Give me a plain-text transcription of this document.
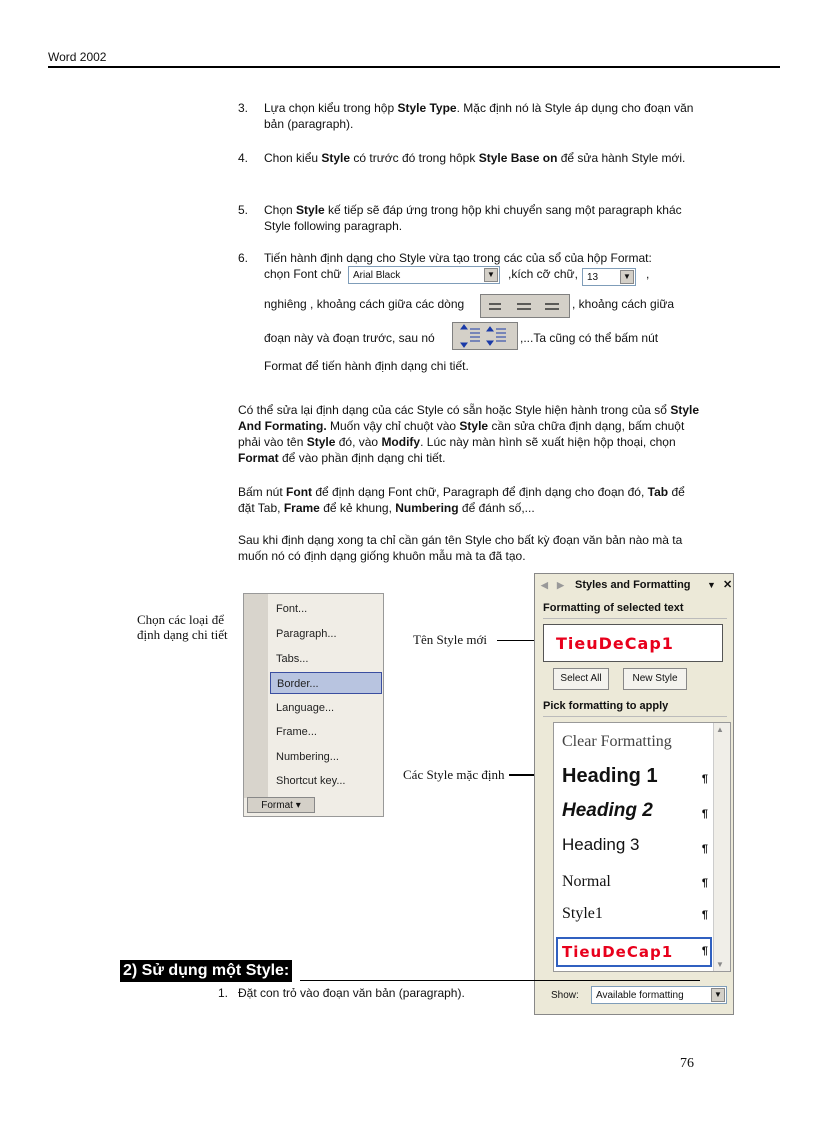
Word 2002
3. Lựa chọn kiểu trong hộp Style Type. Mặc định nó là Style áp dụng cho đoạn văn bản (paragraph).
4. Chon kiểu Style có trước đó trong hôpk Style Base on để sửa hành Style mới.
5. Chọn Style kế tiếp sẽ đáp ứng trong hộp khi chuyển sang một paragraph khác Style following paragraph.
6. Tiến hành định dạng cho Style vừa tạo trong các của sổ của hộp Format:
chọn Font chữ	Arial Black	▼ ,kích cỡ chữ, 13	▼ ,
nghiêng , khoảng cách giữa các dòng	, khoảng cách giữa
đoạn này và đoạn trước, sau nó	,...Ta cũng có thể bấm nút
Format để tiến hành định dạng chi tiết.
Có thể sửa lại định dạng của các Style có sẵn hoặc Style hiện hành trong của sổ Style And Formating. Muốn vậy chỉ chuột vào Style cần sửa chữa định dạng, bấm chuột phải vào tên Style đó, vào Modify. Lúc này màn hình sẽ xuất hiện hộp thoại, chọn Format để vào phần định dạng chi tiết.
Bấm nút Font để định dạng Font chữ, Paragraph để định dạng cho đoạn đó, Tab để đặt Tab, Frame để kẻ khung, Numbering để đánh số,...
Sau khi định dạng xong ta chỉ cần gán tên Style cho bất kỳ đoạn văn bản nào mà ta muốn nó có định dạng giống khuôn mẫu mà ta đã tạo.
Chọn các loại để định dạng chi tiết
Font...
Paragraph...
Tabs...
Border...
Language...
Frame...
Numbering...
Shortcut key...
Format ▾
Tên Style mới
Các Style mặc định
◀ ▶ Styles and Formatting ▼ ✕
Formatting of selected text
TieuDeCap1
Select All	New Style
Pick formatting to apply
Clear Formatting
Heading 1	¶
Heading 2	¶
Heading 3	¶
Normal	¶
Style1	¶
TieuDeCap1	¶
▲
▼
Show:	Available formatting	▼
2) Sử dụng một Style:
1. Đặt con trỏ vào đoạn văn bản (paragraph).
76
